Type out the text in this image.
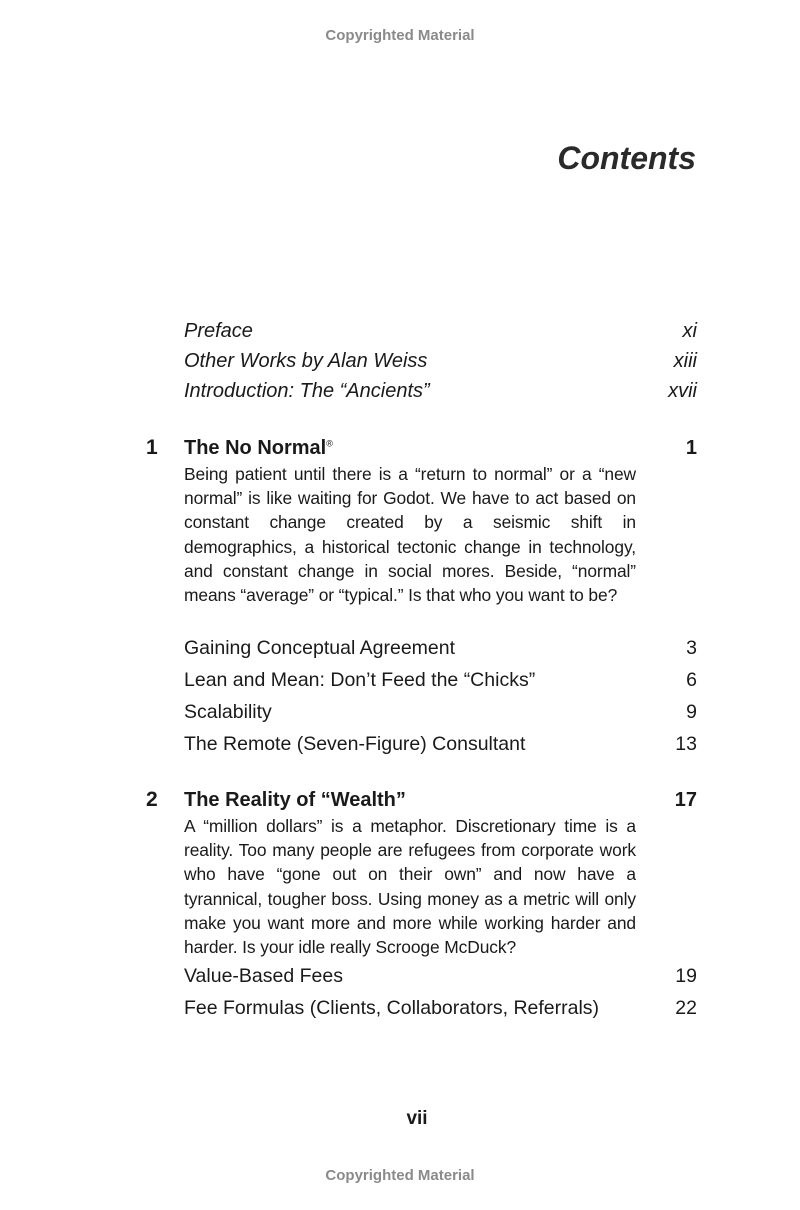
Copyrighted Material
Contents
Preface	xi
Other Works by Alan Weiss	xiii
Introduction: The “Ancients”	xvii
1 The No Normal®	1
Being patient until there is a “return to normal” or a “new normal” is like waiting for Godot. We have to act based on constant change created by a seismic shift in demographics, a historical tectonic change in technology, and constant change in social mores. Beside, “normal” means “average” or “typical.” Is that who you want to be?
Gaining Conceptual Agreement	3
Lean and Mean: Don’t Feed the “Chicks”	6
Scalability	9
The Remote (Seven-Figure) Consultant	13
2 The Reality of “Wealth”	17
A “million dollars” is a metaphor. Discretionary time is a reality. Too many people are refugees from corporate work who have “gone out on their own” and now have a tyrannical, tougher boss. Using money as a metric will only make you want more and more while working harder and harder. Is your idle really Scrooge McDuck?
Value-Based Fees	19
Fee Formulas (Clients, Collaborators, Referrals)	22
vii
Copyrighted Material
